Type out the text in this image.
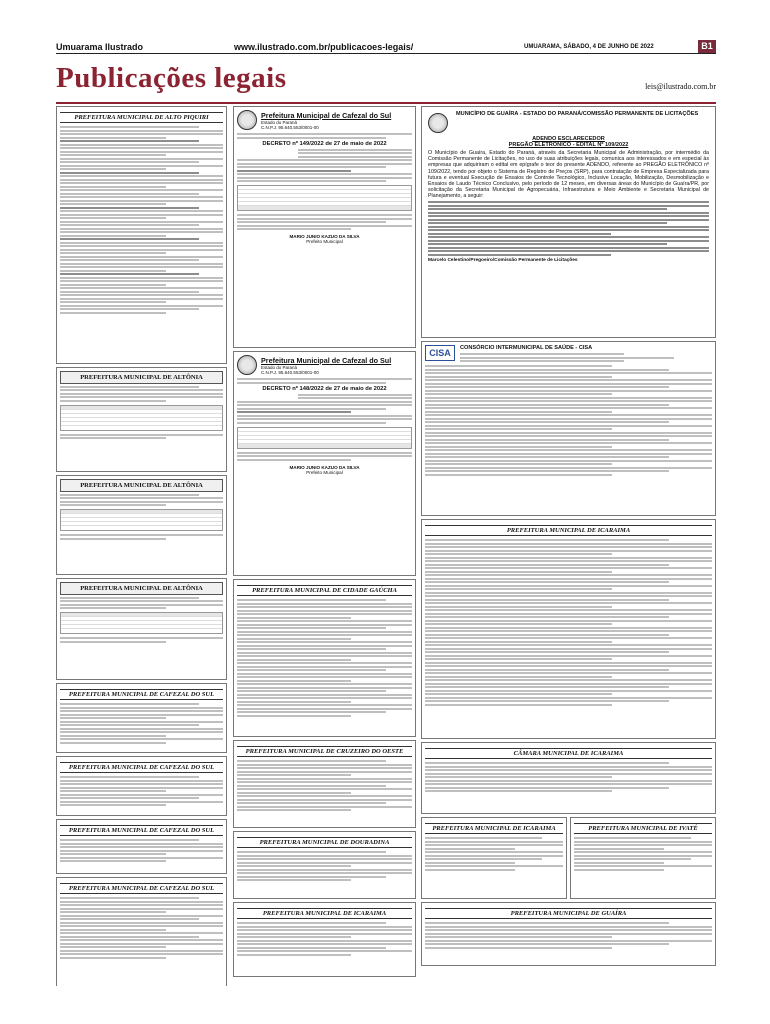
Umuarama Ilustrado	www.ilustrado.com.br/publicacoes-legais/	UMUARAMA, SÁBADO, 4 DE JUNHO DE 2022	B1
Publicações legais	leis@ilustrado.com.br
PREFEITURA MUNICIPAL DE ALTO PIQUIRI
PREFEITURA MUNICIPAL DE ALTÔNIA
PREFEITURA MUNICIPAL DE ALTÔNIA
PREFEITURA MUNICIPAL DE ALTÔNIA
PREFEITURA MUNICIPAL DE CAFEZAL DO SUL
PREFEITURA MUNICIPAL DE CAFEZAL DO SUL
PREFEITURA MUNICIPAL DE CAFEZAL DO SUL
PREFEITURA MUNICIPAL DE CAFEZAL DO SUL
Prefeitura Municipal de Cafezal do Sul
Estado do Paraná
C.N.P.J. 95.640.553/0001-00
DECRETO nº 149/2022 de 27 de maio de 2022
MARIO JUNIO KAZUO DA SILVA
Prefeito Municipal
Prefeitura Municipal de Cafezal do Sul
Estado do Paraná
C.N.P.J. 95.640.553/0001-00
DECRETO nº 148/2022 de 27 de maio de 2022
MARIO JUNIO KAZUO DA SILVA
Prefeito Municipal
PREFEITURA MUNICIPAL DE CIDADE GAÚCHA
PREFEITURA MUNICIPAL DE CRUZEIRO DO OESTE
PREFEITURA MUNICIPAL DE DOURADINA
PREFEITURA MUNICIPAL DE ICARAIMA
MUNICÍPIO DE GUAÍRA - ESTADO DO PARANÁ/COMISSÃO PERMANENTE DE LICITAÇÕES
ADENDO ESCLARECEDOR
PREGÃO ELETRÔNICO - EDITAL Nº 109/2022
O Município de Guaíra, Estado do Paraná, através da Secretaria Municipal de Administração, por intermédio da Comissão Permanente de Licitações, no uso de suas atribuições legais, comunica aos interessados e em especial às empresas que adquiriram o edital em epígrafe o teor do presente ADENDO, referente ao PREGÃO ELETRÔNICO nº 109/2022, tendo por objeto o Sistema de Registro de Preços (SRP), para contratação de Empresa Especializada para futura e eventual Execução de Ensaios de Controle Tecnológico, Inclusive Locação, Mobilização, Desmobilização e Ensaios de Laudo Técnico Conclusivo, pelo período de 12 meses, em diversas áreas do Município de Guaíra/PR, por solicitação da Secretaria Municipal de Agropecuária, Infraestrutura e Meio Ambiente e Secretaria Municipal de Planejamento, a seguir:
Marcelo Celestino/Pregoeiro/Comissão Permanente de Licitações
CISA	CONSÓRCIO INTERMUNICIPAL DE SAÚDE - CISA
PREFEITURA MUNICIPAL DE ICARAIMA
CÂMARA MUNICIPAL DE ICARAIMA
PREFEITURA MUNICIPAL DE ICARAIMA	PREFEITURA MUNICIPAL DE IVATÉ
PREFEITURA MUNICIPAL DE GUAÍRA
